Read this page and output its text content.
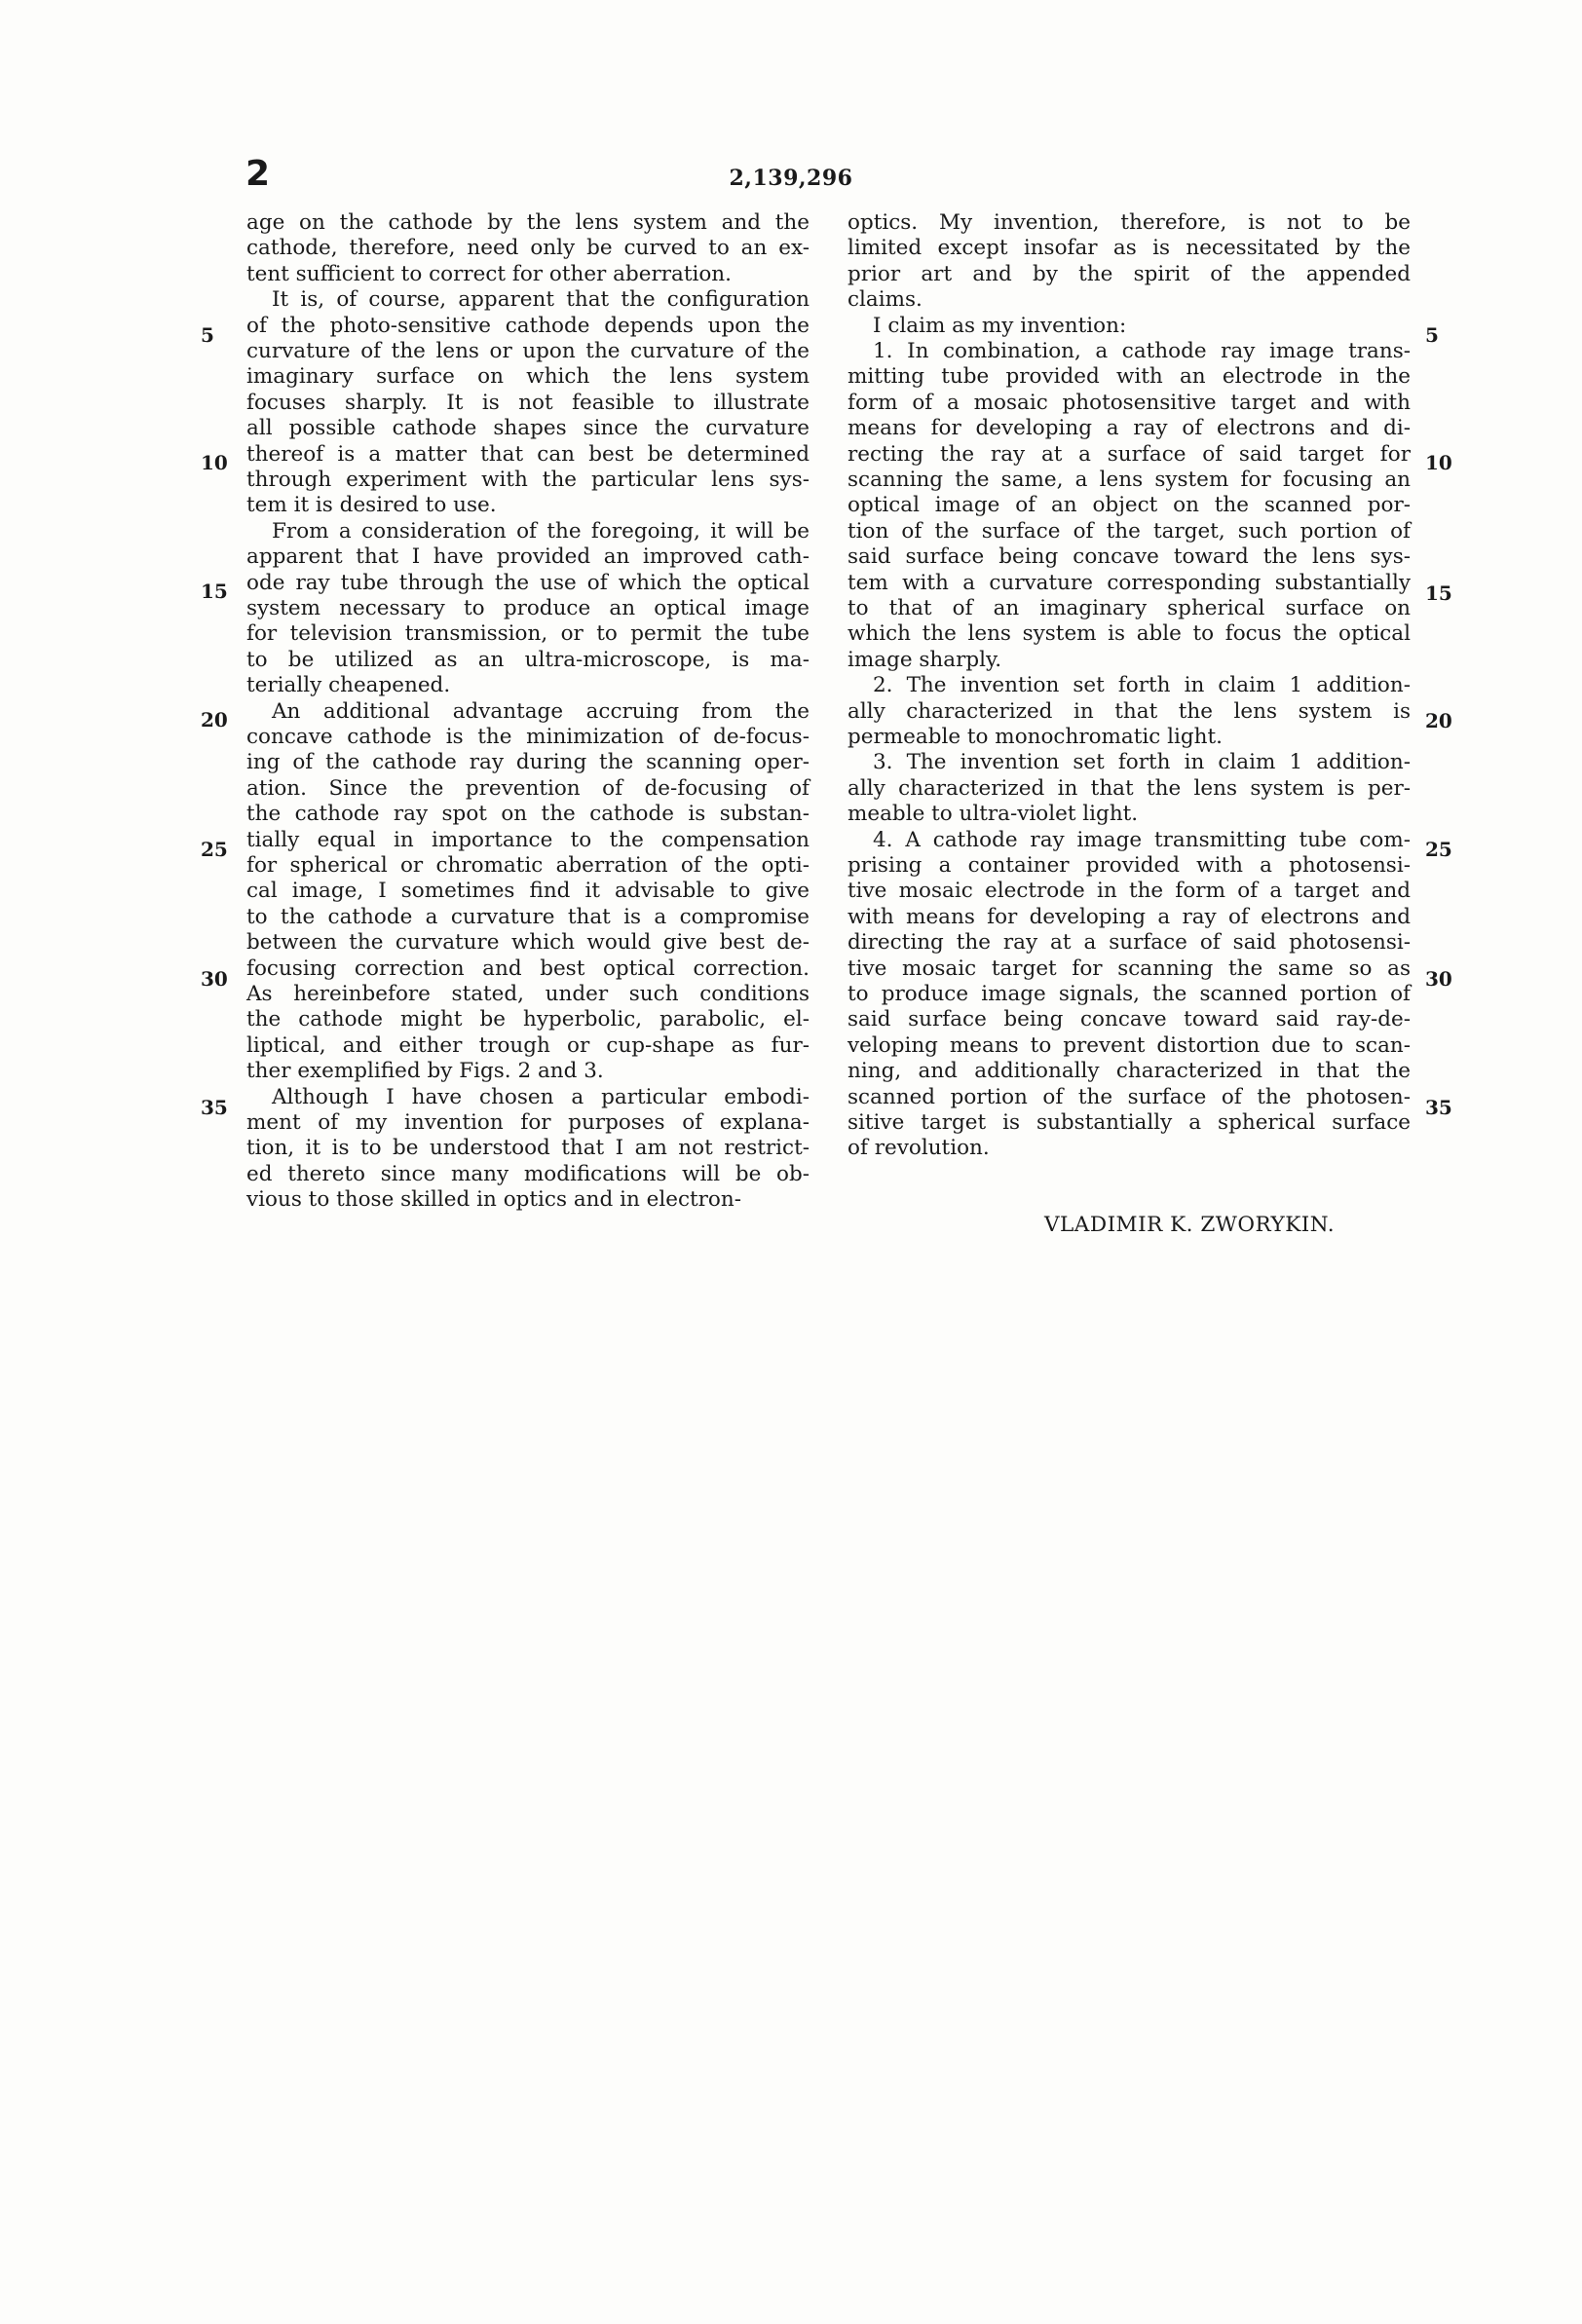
2	2,139,296
age on the cathode by the lens system and the
cathode, therefore, need only be curved to an ex-
tent sufficient to correct for other aberration.
It is, of course, apparent that the configuration
of the photo-sensitive cathode depends upon the
curvature of the lens or upon the curvature of the
imaginary surface on which the lens system
focuses sharply. It is not feasible to illustrate
all possible cathode shapes since the curvature
thereof is a matter that can best be determined
through experiment with the particular lens sys-
tem it is desired to use.
From a consideration of the foregoing, it will be
apparent that I have provided an improved cath-
ode ray tube through the use of which the optical
system necessary to produce an optical image
for television transmission, or to permit the tube
to be utilized as an ultra-microscope, is ma-
terially cheapened.
An additional advantage accruing from the
concave cathode is the minimization of de-focus-
ing of the cathode ray during the scanning oper-
ation. Since the prevention of de-focusing of
the cathode ray spot on the cathode is substan-
tially equal in importance to the compensation
for spherical or chromatic aberration of the opti-
cal image, I sometimes find it advisable to give
to the cathode a curvature that is a compromise
between the curvature which would give best de-
focusing correction and best optical correction.
As hereinbefore stated, under such conditions
the cathode might be hyperbolic, parabolic, el-
liptical, and either trough or cup-shape as fur-
ther exemplified by Figs. 2 and 3.
Although I have chosen a particular embodi-
ment of my invention for purposes of explana-
tion, it is to be understood that I am not restrict-
ed thereto since many modifications will be ob-
vious to those skilled in optics and in electron-
optics. My invention, therefore, is not to be
limited except insofar as is necessitated by the
prior art and by the spirit of the appended
claims.
I claim as my invention:
1. In combination, a cathode ray image trans-
mitting tube provided with an electrode in the
form of a mosaic photosensitive target and with
means for developing a ray of electrons and di-
recting the ray at a surface of said target for
scanning the same, a lens system for focusing an
optical image of an object on the scanned por-
tion of the surface of the target, such portion of
said surface being concave toward the lens sys-
tem with a curvature corresponding substantially
to that of an imaginary spherical surface on
which the lens system is able to focus the optical
image sharply.
2. The invention set forth in claim 1 addition-
ally characterized in that the lens system is
permeable to monochromatic light.
3. The invention set forth in claim 1 addition-
ally characterized in that the lens system is per-
meable to ultra-violet light.
4. A cathode ray image transmitting tube com-
prising a container provided with a photosensi-
tive mosaic electrode in the form of a target and
with means for developing a ray of electrons and
directing the ray at a surface of said photosensi-
tive mosaic target for scanning the same so as
to produce image signals, the scanned portion of
said surface being concave toward said ray-de-
veloping means to prevent distortion due to scan-
ning, and additionally characterized in that the
scanned portion of the surface of the photosen-
sitive target is substantially a spherical surface
of revolution.
5
10
15
20
25
30
35
5
10
15
20
25
30
35
VLADIMIR K. ZWORYKIN.
